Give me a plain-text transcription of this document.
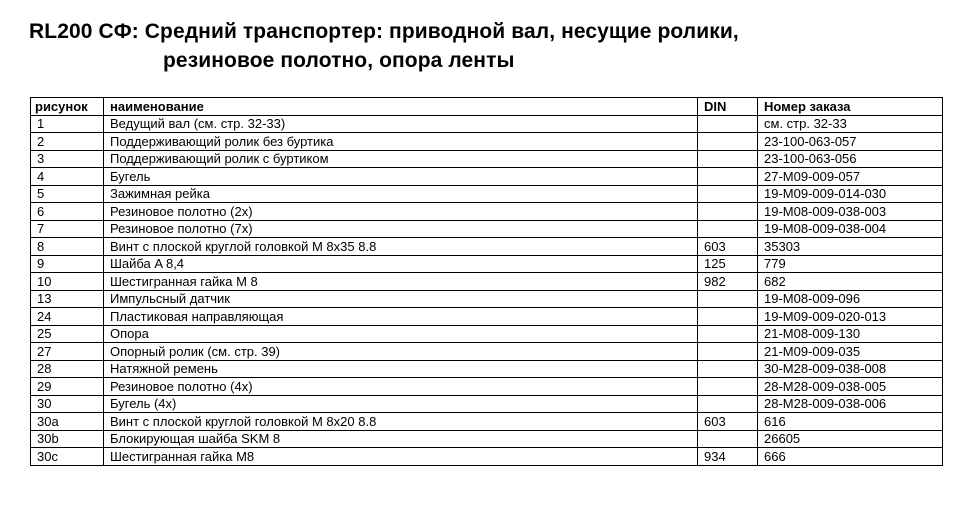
RL200 СФ: Средний транспортер: приводной вал, несущие ролики,
резиновое полотно, опора ленты
рисунок	наименование	DIN	Номер заказа
1	Ведущий вал (см. стр. 32-33)		см. стр. 32-33
2	Поддерживающий ролик без буртика		23-100-063-057
3	Поддерживающий ролик с буртиком		23-100-063-056
4	Бугель		27-M09-009-057
5	Зажимная рейка		19-M09-009-014-030
6	Резиновое полотно (2x)		19-M08-009-038-003
7	Резиновое полотно (7x)		19-M08-009-038-004
8	Винт с плоской круглой головкой M 8x35 8.8	603	35303
9	Шайба A 8,4	125	779
10	Шестигранная гайка M 8	982	682
13	Импульсный датчик		19-M08-009-096
24	Пластиковая направляющая		19-M09-009-020-013
25	Опора		21-M08-009-130
27	Опорный ролик (см. стр. 39)		21-M09-009-035
28	Натяжной ремень		30-M28-009-038-008
29	Резиновое полотно (4x)		28-M28-009-038-005
30	Бугель (4x)		28-M28-009-038-006
30a	Винт с плоской круглой головкой M 8x20 8.8	603	616
30b	Блокирующая шайба SKM 8		26605
30c	Шестигранная гайка M8	934	666
